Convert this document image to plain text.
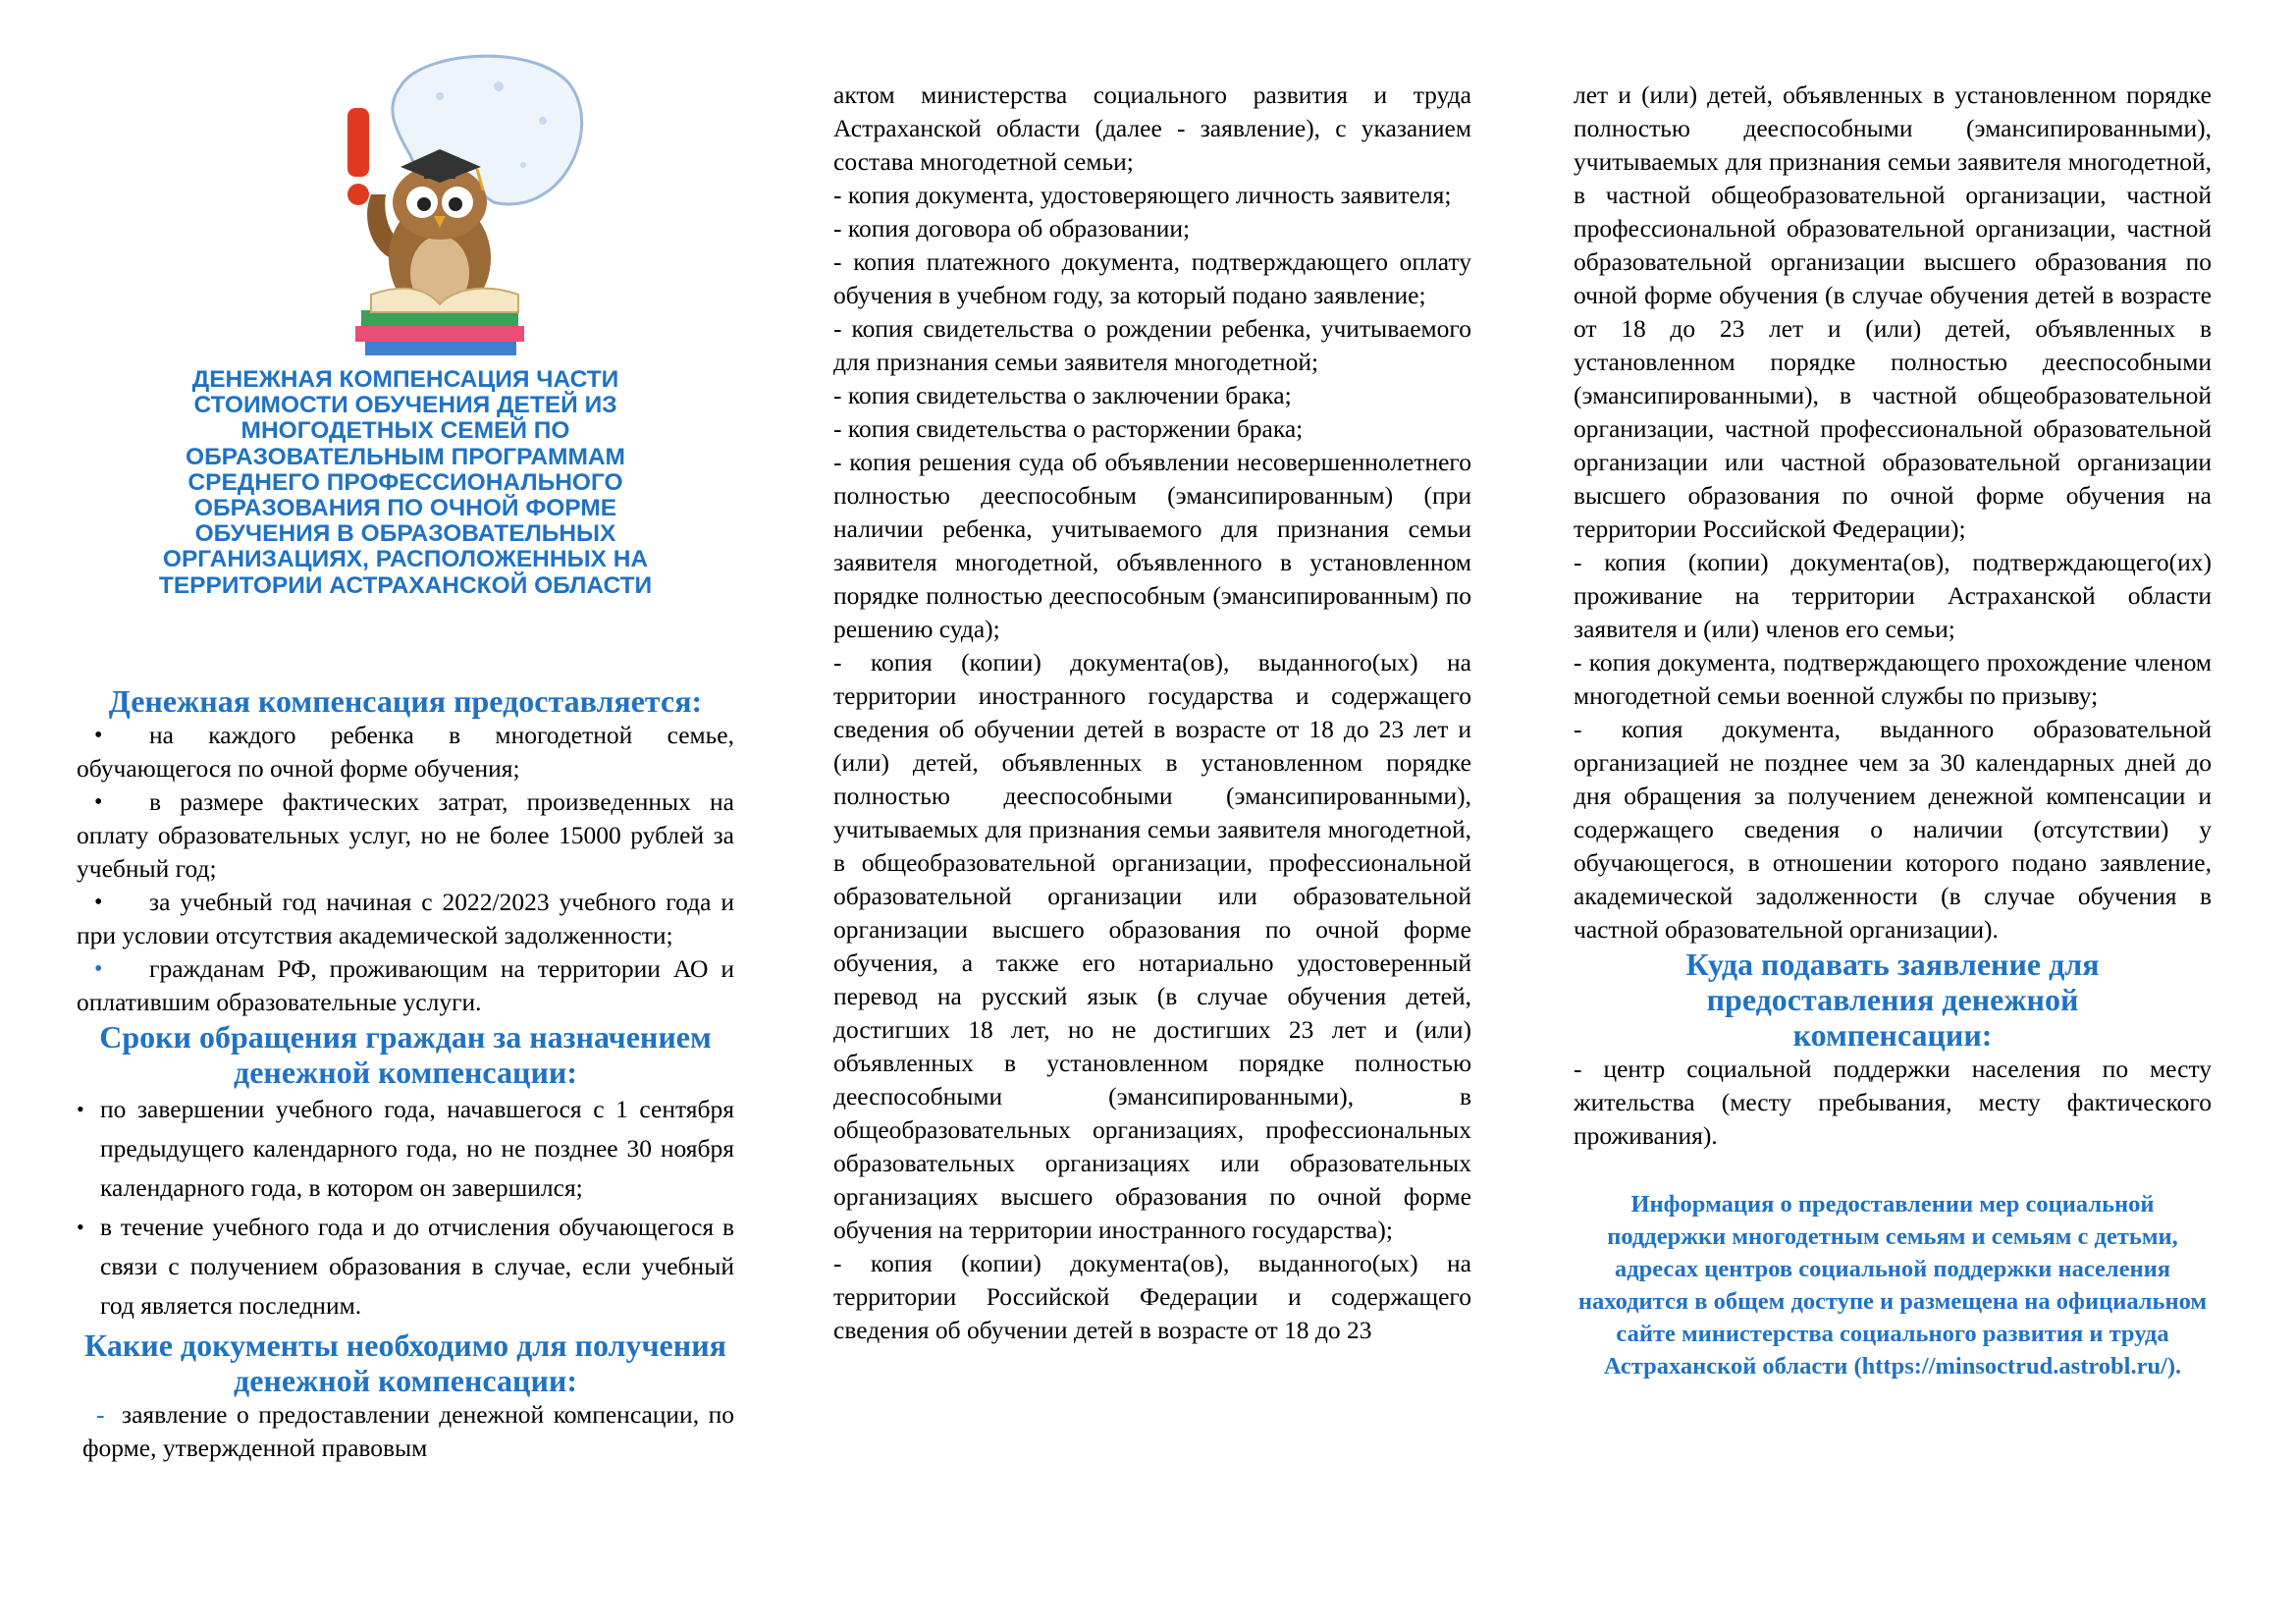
ДЕНЕЖНАЯ КОМПЕНСАЦИЯ ЧАСТИ
СТОИМОСТИ ОБУЧЕНИЯ ДЕТЕЙ ИЗ
МНОГОДЕТНЫХ СЕМЕЙ ПО
ОБРАЗОВАТЕЛЬНЫМ ПРОГРАММАМ
СРЕДНЕГО ПРОФЕССИОНАЛЬНОГО
ОБРАЗОВАНИЯ ПО ОЧНОЙ ФОРМЕ
ОБУЧЕНИЯ В ОБРАЗОВАТЕЛЬНЫХ
ОРГАНИЗАЦИЯХ, РАСПОЛОЖЕННЫХ НА
ТЕРРИТОРИИ АСТРАХАНСКОЙ ОБЛАСТИ
Денежная компенсация предоставляется:
•	на каждого ребенка в многодетной семье, обучающегося по очной форме обучения;
•	в размере фактических затрат, произведенных на оплату образовательных услуг, но не более 15000 рублей за учебный год;
•	за учебный год начиная с 2022/2023 учебного года и при условии отсутствия академической задолженности;
•	гражданам РФ, проживающим на территории АО и оплатившим образовательные услуги.
Сроки обращения граждан за назначением денежной компенсации:
• по завершении учебного года, начавшегося с 1 сентября предыдущего календарного года, но не позднее 30 ноября календарного года, в котором он завершился;
• в течение учебного года и до отчисления обучающегося в связи с получением образования в случае, если учебный год является последним.
Какие документы необходимо для получения денежной компенсации:
- заявление о предоставлении денежной компенсации, по форме, утвержденной правовым

актом министерства социального развития и труда Астраханской области (далее - заявление), с указанием состава многодетной семьи;

- копия документа, удостоверяющего личность заявителя;

- копия договора об образовании;

- копия платежного документа, подтверждающего оплату обучения в учебном году, за который подано заявление;

- копия свидетельства о рождении ребенка, учитываемого для признания семьи заявителя многодетной;

- копия свидетельства о заключении брака;

- копия свидетельства о расторжении брака;

- копия решения суда об объявлении несовершеннолетнего полностью дееспособным (эмансипированным) (при наличии ребенка, учитываемого для признания семьи заявителя многодетной, объявленного в установленном порядке полностью дееспособным (эмансипированным) по решению суда);

- копия (копии) документа(ов), выданного(ых) на территории иностранного государства и содержащего сведения об обучении детей в возрасте от 18 до 23 лет и (или) детей, объявленных в установленном порядке полностью дееспособными (эмансипированными), учитываемых для признания семьи заявителя многодетной, в общеобразовательной организации, профессиональной образовательной организации или образовательной организации высшего образования по очной форме обучения, а также его нотариально удостоверенный перевод на русский язык (в случае обучения детей, достигших 18 лет, но не достигших 23 лет и (или) объявленных в установленном порядке полностью дееспособными (эмансипированными), в общеобразовательных организациях, профессиональных образовательных организациях или образовательных организациях высшего образования по очной форме обучения на территории иностранного государства);

- копия (копии) документа(ов), выданного(ых) на территории Российской Федерации и содержащего сведения об обучении детей в возрасте от 18 до 23

лет и (или) детей, объявленных в установленном порядке полностью дееспособными (эмансипированными), учитываемых для признания семьи заявителя многодетной, в частной общеобразовательной организации, частной профессиональной образовательной организации, частной образовательной организации высшего образования по очной форме обучения (в случае обучения детей в возрасте от 18 до 23 лет и (или) детей, объявленных в установленном порядке полностью дееспособными (эмансипированными), в частной общеобразовательной организации, частной профессиональной образовательной организации или частной образовательной организации высшего образования по очной форме обучения на территории Российской Федерации);

- копия (копии) документа(ов), подтверждающего(их) проживание на территории Астраханской области заявителя и (или) членов его семьи;

- копия документа, подтверждающего прохождение членом многодетной семьи военной службы по призыву;

- копия документа, выданного образовательной организацией не позднее чем за 30 календарных дней до дня обращения за получением денежной компенсации и содержащего сведения о наличии (отсутствии) у обучающегося, в отношении которого подано заявление, академической задолженности (в случае обучения в частной образовательной организации).

Куда подавать заявление для предоставления денежной компенсации:

- центр социальной поддержки населения по месту жительства (месту пребывания, месту фактического проживания).

Информация о предоставлении мер социальной поддержки многодетным семьям и семьям с детьми, адресах центров социальной поддержки населения находится в общем доступе и размещена на официальном сайте министерства социального развития и труда Астраханской области (https://minsoctrud.astrobl.ru/).
